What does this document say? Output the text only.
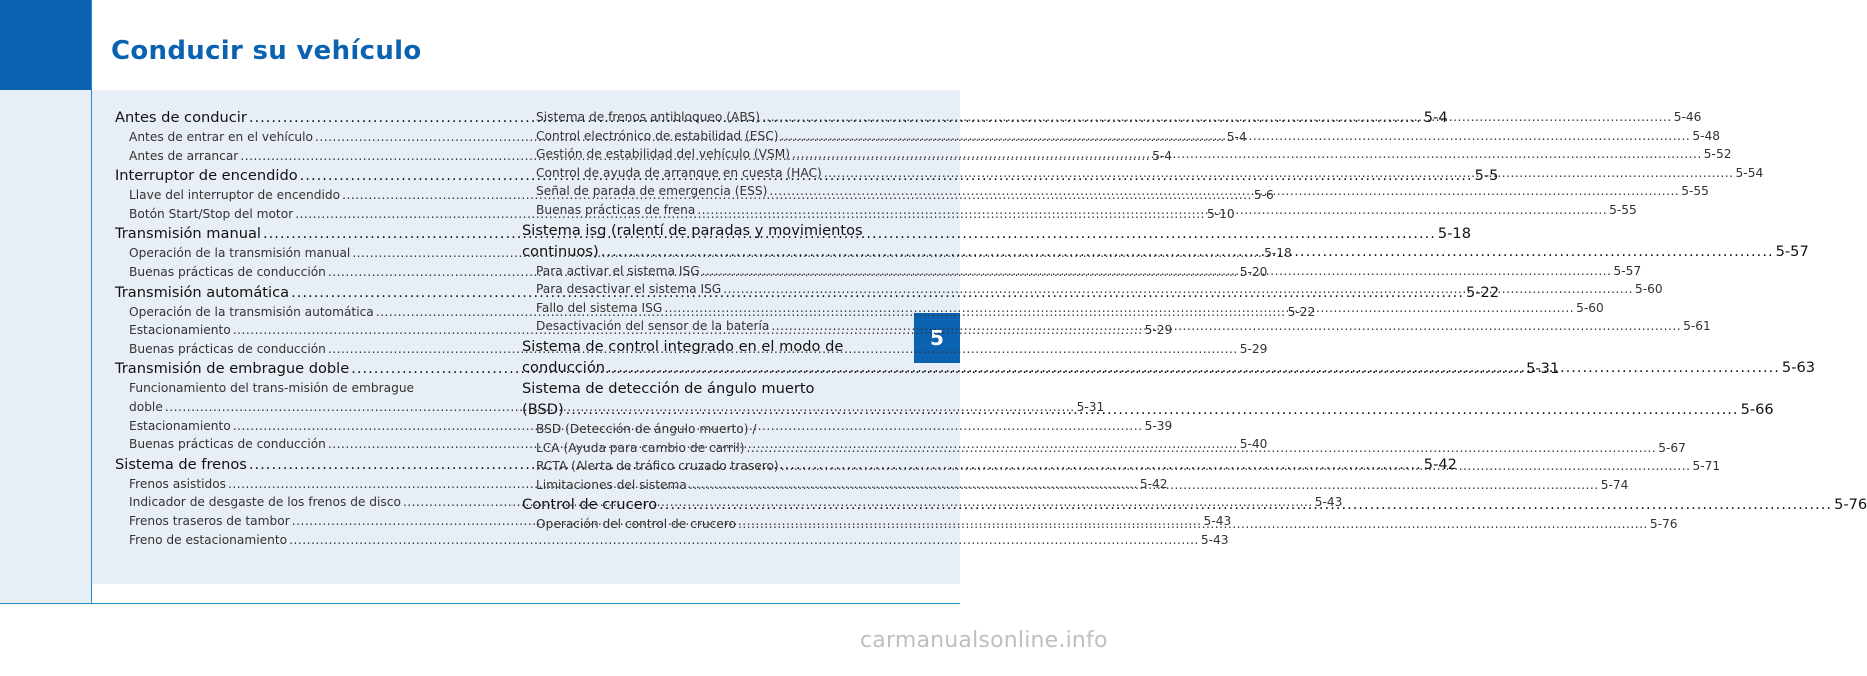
Conducir su vehículo
5
Antes de conducir .....	5-4
Antes de entrar en el vehículo .....	5-4
Antes de arrancar .....	5-4
Interruptor de encendido .....	5-5
Llave del interruptor de encendido .....	5-6
Botón Start/Stop del motor .....	5-10
Transmisión manual .....	5-18
Operación de la transmisión manual .....	5-18
Buenas prácticas de conducción .....	5-20
Transmisión automática .....	5-22
Operación de la transmisión automática .....	5-22
Estacionamiento .....	5-29
Buenas prácticas de conducción .....	5-29
Transmisión de embrague doble .....	5-31
Funcionamiento del trans-misión de embrague
doble .....	5-31
Estacionamiento .....	5-39
Buenas prácticas de conducción .....	5-40
Sistema de frenos .....	5-42
Frenos asistidos .....	5-42
Indicador de desgaste de los frenos de disco .....	5-43
Frenos traseros de tambor .....	5-43
Freno de estacionamiento .....	5-43
Sistema de frenos antibloqueo (ABS) .....	5-46
Control electrónico de estabilidad (ESC) .....	5-48
Gestión de estabilidad del vehículo (VSM) .....	5-52
Control de ayuda de arranque en cuesta (HAC) .....	5-54
Señal de parada de emergencia (ESS) .....	5-55
Buenas prácticas de frena .....	5-55
Sistema isg (ralentí de paradas y movimientos
continuos) .....	5-57
Para activar el sistema ISG .....	5-57
Para desactivar el sistema ISG .....	5-60
Fallo del sistema ISG .....	5-60
Desactivación del sensor de la batería .....	5-61
Sistema de control integrado en el modo de
conducción .....	5-63
Sistema de detección de ángulo muerto
(BSD) .....	5-66
BSD (Detección de ángulo muerto) /
LCA (Ayuda para cambio de carril) .....	5-67
RCTA (Alerta de tráfico cruzado trasero) .....	5-71
Limitaciones del sistema .....	5-74
Control de crucero .....	5-76
Operación del control de crucero .....	5-76
carmanualsonline.info
